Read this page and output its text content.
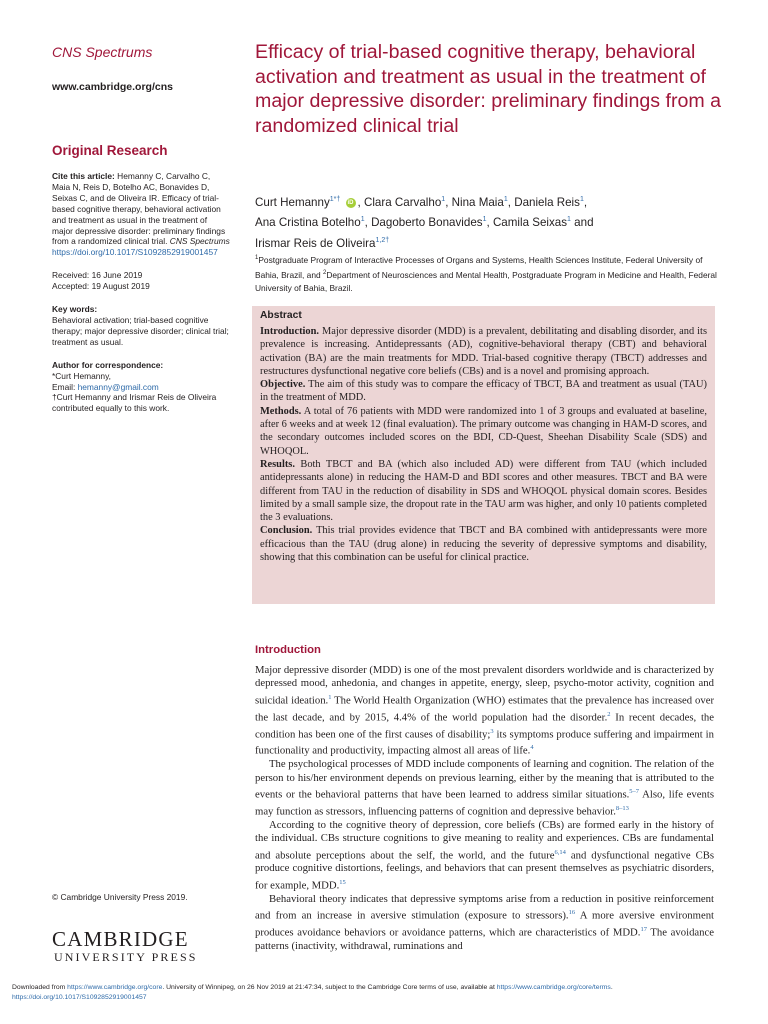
CNS Spectrums

www.cambridge.org/cns
Original Research
Cite this article: Hemanny C, Carvalho C, Maia N, Reis D, Botelho AC, Bonavides D, Seixas C, and de Oliveira IR. Efficacy of trial-based cognitive therapy, behavioral activation and treatment as usual in the treatment of major depressive disorder: preliminary findings from a randomized clinical trial. CNS Spectrums
https://doi.org/10.1017/S1092852919001457
Received: 16 June 2019
Accepted: 19 August 2019
Key words:
Behavioral activation; trial-based cognitive therapy; major depressive disorder; clinical trial; treatment as usual.
Author for correspondence:
*Curt Hemanny,
Email: hemanny@gmail.com
†Curt Hemanny and Irismar Reis de Oliveira contributed equally to this work.
© Cambridge University Press 2019.
CAMBRIDGE
UNIVERSITY PRESS
Efficacy of trial-based cognitive therapy, behavioral activation and treatment as usual in the treatment of major depressive disorder: preliminary findings from a randomized clinical trial
Curt Hemanny$^{1*\dagger}$ iD , Clara Carvalho$^1$, Nina Maia$^1$, Daniela Reis$^1$,
Ana Cristina Botelho$^1$, Dagoberto Bonavides$^1$, Camila Seixas$^1$ and
Irismar Reis de Oliveira$^{1,2\dagger}$
$^1$Postgraduate Program of Interactive Processes of Organs and Systems, Health Sciences Institute, Federal University of Bahia, Brazil, and $^2$Department of Neurosciences and Mental Health, Postgraduate Program in Medicine and Health, Federal University of Bahia, Brazil.
Abstract

Introduction. Major depressive disorder (MDD) is a prevalent, debilitating and disabling disorder, and its prevalence is increasing. Antidepressants (AD), cognitive-behavioral therapy (CBT) and behavioral activation (BA) are the main treatments for MDD. Trial-based cognitive therapy (TBCT) addresses and restructures dysfunctional negative core beliefs (CBs) and is a novel and promising approach.

Objective. The aim of this study was to compare the efficacy of TBCT, BA and treatment as usual (TAU) in the treatment of MDD.

Methods. A total of 76 patients with MDD were randomized into 1 of 3 groups and evaluated at baseline, after 6 weeks and at week 12 (final evaluation). The primary outcome was changing in HAM-D scores, and the secondary outcomes included scores on the BDI, CD-Quest, Sheehan Disability Scale (SDS) and WHOQOL.

Results. Both TBCT and BA (which also included AD) were different from TAU (which included antidepressants alone) in reducing the HAM-D and BDI scores and other measures. TBCT and BA were different from TAU in the reduction of disability in SDS and WHOQOL physical domain scores. Besides limited by a small sample size, the dropout rate in the TAU arm was higher, and only 10 patients completed the 3 evaluations.

Conclusion. This trial provides evidence that TBCT and BA combined with antidepressants were more efficacious than the TAU (drug alone) in reducing the severity of depressive symptoms and disability, showing that this combination can be useful for clinical practice.

Introduction

Major depressive disorder (MDD) is one of the most prevalent disorders worldwide and is characterized by depressed mood, anhedonia, and changes in appetite, energy, sleep, psycho-motor activity, cognition and suicidal ideation.$^1$ The World Health Organization (WHO) estimates that the prevalence has increased over the last decade, and by 2015, 4.4% of the world population had the disorder.$^2$ In recent decades, the condition has been one of the first causes of disability;$^3$ its symptoms produce suffering and impairment in functionality and productivity, impacting almost all areas of life.$^4$

The psychological processes of MDD include components of learning and cognition. The relation of the person to his/her environment depends on previous learning, either by the meaning that is attributed to the events or the behavioral patterns that have been learned to address similar situations.$^{5-7}$ Also, life events may function as stressors, influencing patterns of cognition and depressive behavior.$^{8-13}$

According to the cognitive theory of depression, core beliefs (CBs) are formed early in the history of the individual. CBs structure cognitions to give meaning to reality and experiences. CBs are fundamental and absolute perceptions about the self, the world, and the future$^{6,14}$ and dysfunctional negative CBs produce cognitive distortions, feelings, and behaviors that can present themselves as psychiatric disorders, for example, MDD.$^{15}$

Behavioral theory indicates that depressive symptoms arise from a reduction in positive reinforcement and from an increase in aversive stimulation (exposure to stressors).$^{16}$ A more aversive environment produces avoidance behaviors or avoidance patterns, which are characteristics of MDD.$^{17}$ The avoidance patterns (inactivity, withdrawal, ruminations and

Downloaded from https://www.cambridge.org/core. University of Winnipeg, on 26 Nov 2019 at 21:47:34, subject to the Cambridge Core terms of use, available at https://www.cambridge.org/core/terms.
https://doi.org/10.1017/S1092852919001457
